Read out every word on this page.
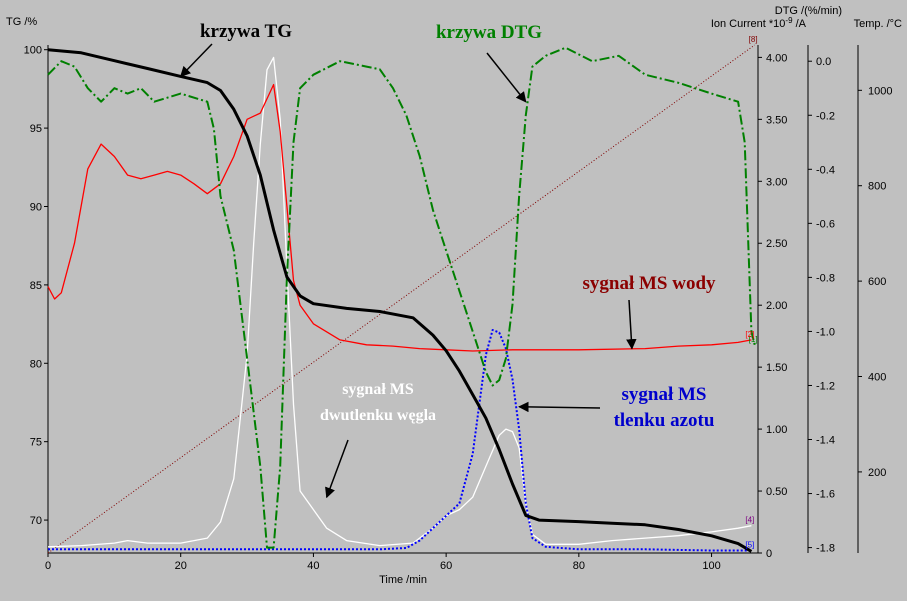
0	20	40	60	80	100
70
75
80
85
90
95
100
0
0.50
1.00
1.50
2.00
2.50
3.00
3.50
4.00	0.0
-0.2
-0.4
-0.6
-0.8
-1.0
-1.2
-1.4
-1.6
-1.8
200
400
600
800
1000
TG /%	Ion Current $*10^{-9}$ /A
DTG /(%/min)
Temp. /°C
Time /min
[1]
[2]
[4]
[5]
[8]
krzywa TG	krzywa DTG
sygnał MS wody
sygnał MS
dwutlenku węgla
sygnał MS
tlenku azotu
